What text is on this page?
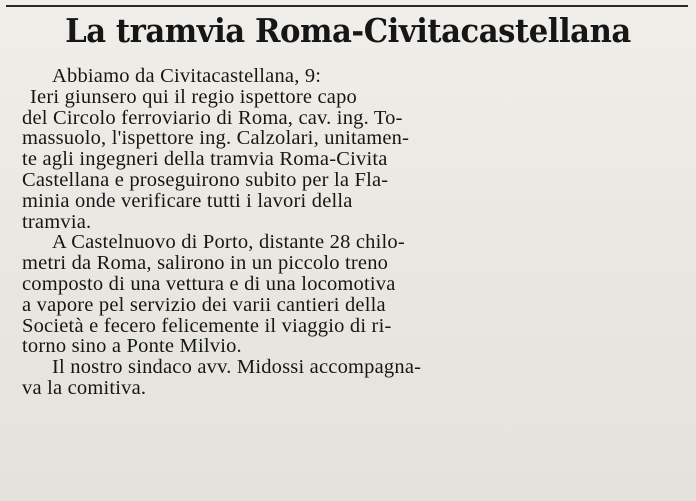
La tramvia Roma-Civitacastellana
Abbiamo da Civitacastellana, 9:
Ieri giunsero qui il regio ispettore capo
del Circolo ferroviario di Roma, cav. ing. To-
massuolo, l'ispettore ing. Calzolari, unitamen-
te agli ingegneri della tramvia Roma-Civita
Castellana e proseguirono subito per la Fla-
minia onde verificare tutti i lavori della
tramvia.
A Castelnuovo di Porto, distante 28 chilo-
metri da Roma, salirono in un piccolo treno
composto di una vettura e di una locomotiva
a vapore pel servizio dei varii cantieri della
Società e fecero felicemente il viaggio di ri-
torno sino a Ponte Milvio.
Il nostro sindaco avv. Midossi accompagna-
va la comitiva.
